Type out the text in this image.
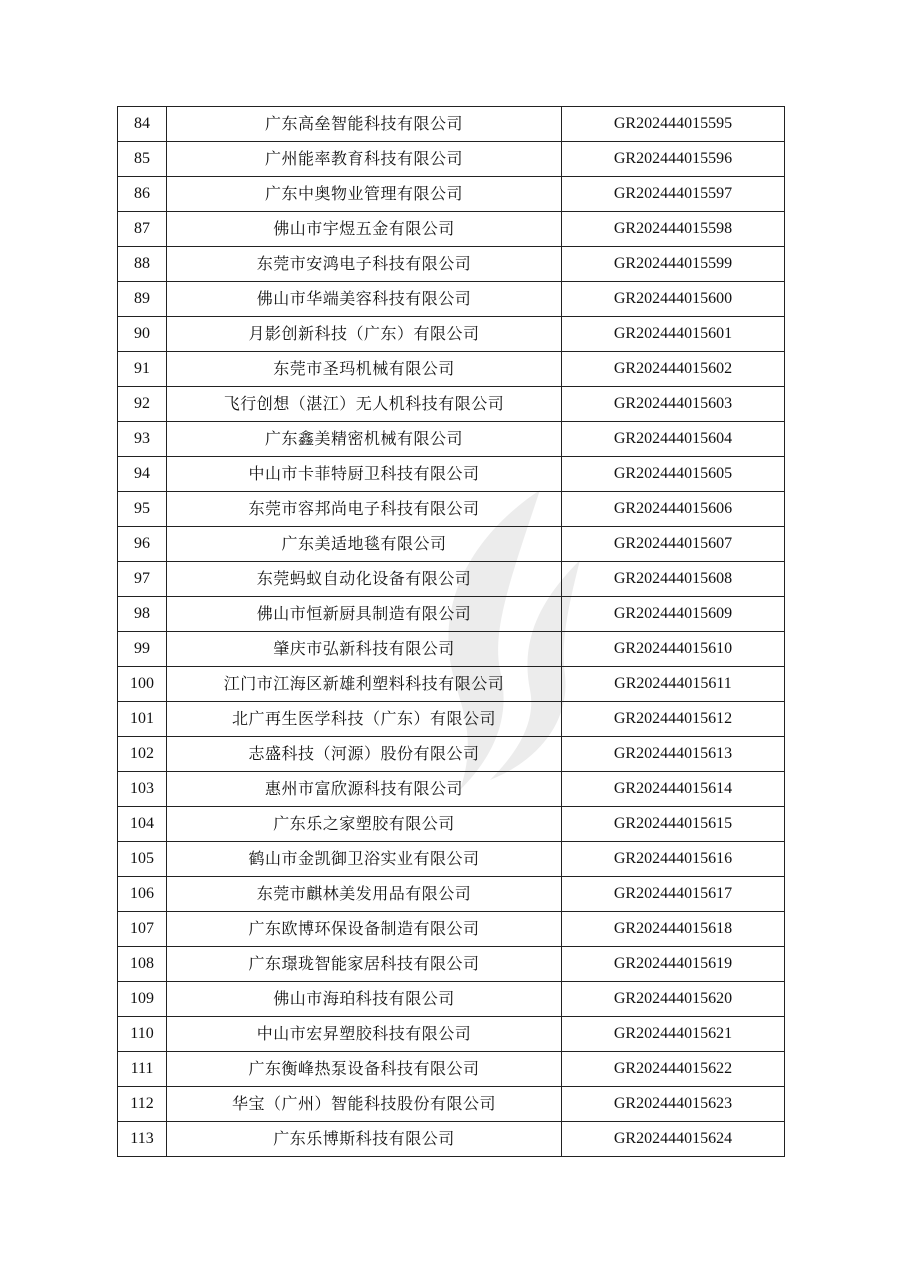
84	广东高垒智能科技有限公司	GR202444015595
85	广州能率教育科技有限公司	GR202444015596
86	广东中奥物业管理有限公司	GR202444015597
87	佛山市宇煜五金有限公司	GR202444015598
88	东莞市安鸿电子科技有限公司	GR202444015599
89	佛山市华端美容科技有限公司	GR202444015600
90	月影创新科技（广东）有限公司	GR202444015601
91	东莞市圣玛机械有限公司	GR202444015602
92	飞行创想（湛江）无人机科技有限公司	GR202444015603
93	广东鑫美精密机械有限公司	GR202444015604
94	中山市卡菲特厨卫科技有限公司	GR202444015605
95	东莞市容邦尚电子科技有限公司	GR202444015606
96	广东美适地毯有限公司	GR202444015607
97	东莞蚂蚁自动化设备有限公司	GR202444015608
98	佛山市恒新厨具制造有限公司	GR202444015609
99	肇庆市弘新科技有限公司	GR202444015610
100	江门市江海区新雄利塑料科技有限公司	GR202444015611
101	北广再生医学科技（广东）有限公司	GR202444015612
102	志盛科技（河源）股份有限公司	GR202444015613
103	惠州市富欣源科技有限公司	GR202444015614
104	广东乐之家塑胶有限公司	GR202444015615
105	鹤山市金凯御卫浴实业有限公司	GR202444015616
106	东莞市麒林美发用品有限公司	GR202444015617
107	广东欧博环保设备制造有限公司	GR202444015618
108	广东璟珑智能家居科技有限公司	GR202444015619
109	佛山市海珀科技有限公司	GR202444015620
110	中山市宏昇塑胶科技有限公司	GR202444015621
111	广东衡峰热泵设备科技有限公司	GR202444015622
112	华宝（广州）智能科技股份有限公司	GR202444015623
113	广东乐博斯科技有限公司	GR202444015624
